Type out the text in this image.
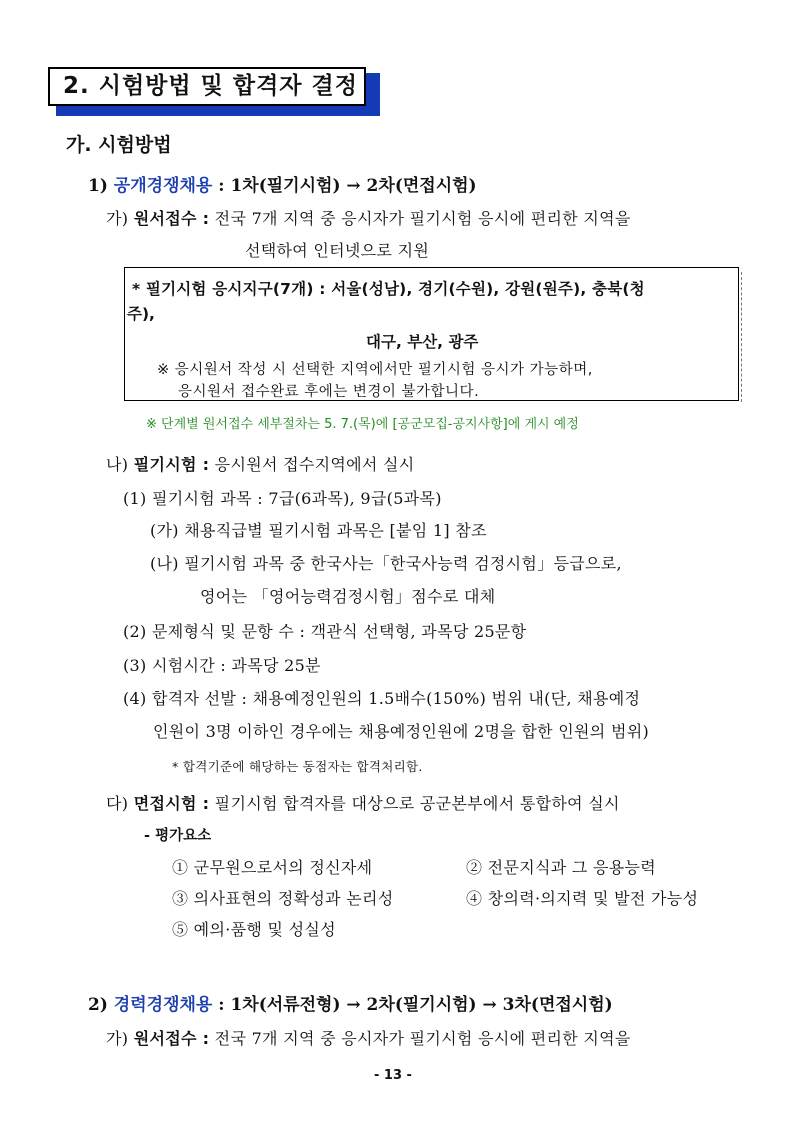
2. 시험방법 및 합격자 결정
가. 시험방법
1) 공개경쟁채용 : 1차(필기시험) → 2차(면접시험)
가) 원서접수 : 전국 7개 지역 중 응시자가 필기시험 응시에 편리한 지역을
선택하여 인터넷으로 지원
* 필기시험 응시지구(7개) : 서울(성남), 경기(수원), 강원(원주), 충북(청
주),
대구, 부산, 광주
※ 응시원서 작성 시 선택한 지역에서만 필기시험 응시가 가능하며,
응시원서 접수완료 후에는 변경이 불가합니다.
※ 단계별 원서접수 세부절차는 5. 7.(목)에 [공군모집-공지사항]에 게시 예정
나) 필기시험 : 응시원서 접수지역에서 실시
(1) 필기시험 과목 : 7급(6과목), 9급(5과목)
(가) 채용직급별 필기시험 과목은 [붙임 1] 참조
(나) 필기시험 과목 중 한국사는「한국사능력 검정시험」등급으로,
영어는 「영어능력검정시험」점수로 대체
(2) 문제형식 및 문항 수 : 객관식 선택형, 과목당 25문항
(3) 시험시간 : 과목당 25분
(4) 합격자 선발 : 채용예정인원의 1.5배수(150%) 범위 내(단, 채용예정
인원이 3명 이하인 경우에는 채용예정인원에 2명을 합한 인원의 범위)
* 합격기준에 해당하는 동점자는 합격처리함.
다) 면접시험 : 필기시험 합격자를 대상으로 공군본부에서 통합하여 실시
- 평가요소
① 군무원으로서의 정신자세	② 전문지식과 그 응용능력
③ 의사표현의 정확성과 논리성	④ 창의력·의지력 및 발전 가능성
⑤ 예의·품행 및 성실성
2) 경력경쟁채용 : 1차(서류전형) → 2차(필기시험) → 3차(면접시험)
가) 원서접수 : 전국 7개 지역 중 응시자가 필기시험 응시에 편리한 지역을
- 13 -
